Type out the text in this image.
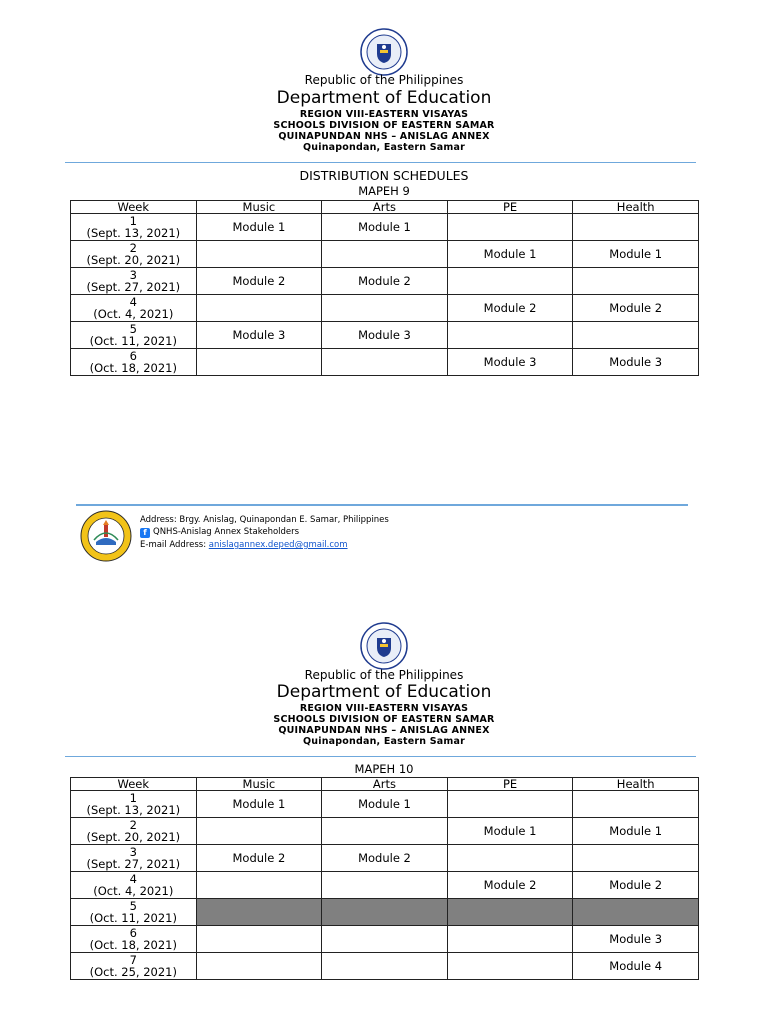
Republic of the Philippines
Department of Education
REGION VIII-EASTERN VISAYAS
SCHOOLS DIVISION OF EASTERN SAMAR
QUINAPUNDAN NHS – ANISLAG ANNEX
Quinapondan, Eastern Samar
DISTRIBUTION SCHEDULES
MAPEH 9
Week	Music	Arts	PE	Health

1
(Sept. 13, 2021)	Module 1	Module 1		

2
(Sept. 20, 2021)			Module 1	Module 1

3
(Sept. 27, 2021)	Module 2	Module 2		

4
(Oct. 4, 2021)			Module 2	Module 2

5
(Oct. 11, 2021)	Module 3	Module 3		

6
(Oct. 18, 2021)			Module 3	Module 3
Address: Brgy. Anislag, Quinapondan E. Samar, Philippines
f QNHS-Anislag Annex Stakeholders
E-mail Address: anislagannex.deped@gmail.com
Republic of the Philippines
Department of Education
REGION VIII-EASTERN VISAYAS
SCHOOLS DIVISION OF EASTERN SAMAR
QUINAPUNDAN NHS – ANISLAG ANNEX
Quinapondan, Eastern Samar
MAPEH 10
Week	Music	Arts	PE	Health

1
(Sept. 13, 2021)	Module 1	Module 1		

2
(Sept. 20, 2021)			Module 1	Module 1

3
(Sept. 27, 2021)	Module 2	Module 2		

4
(Oct. 4, 2021)			Module 2	Module 2

5
(Oct. 11, 2021)				

6
(Oct. 18, 2021)				Module 3

7
(Oct. 25, 2021)				Module 4
